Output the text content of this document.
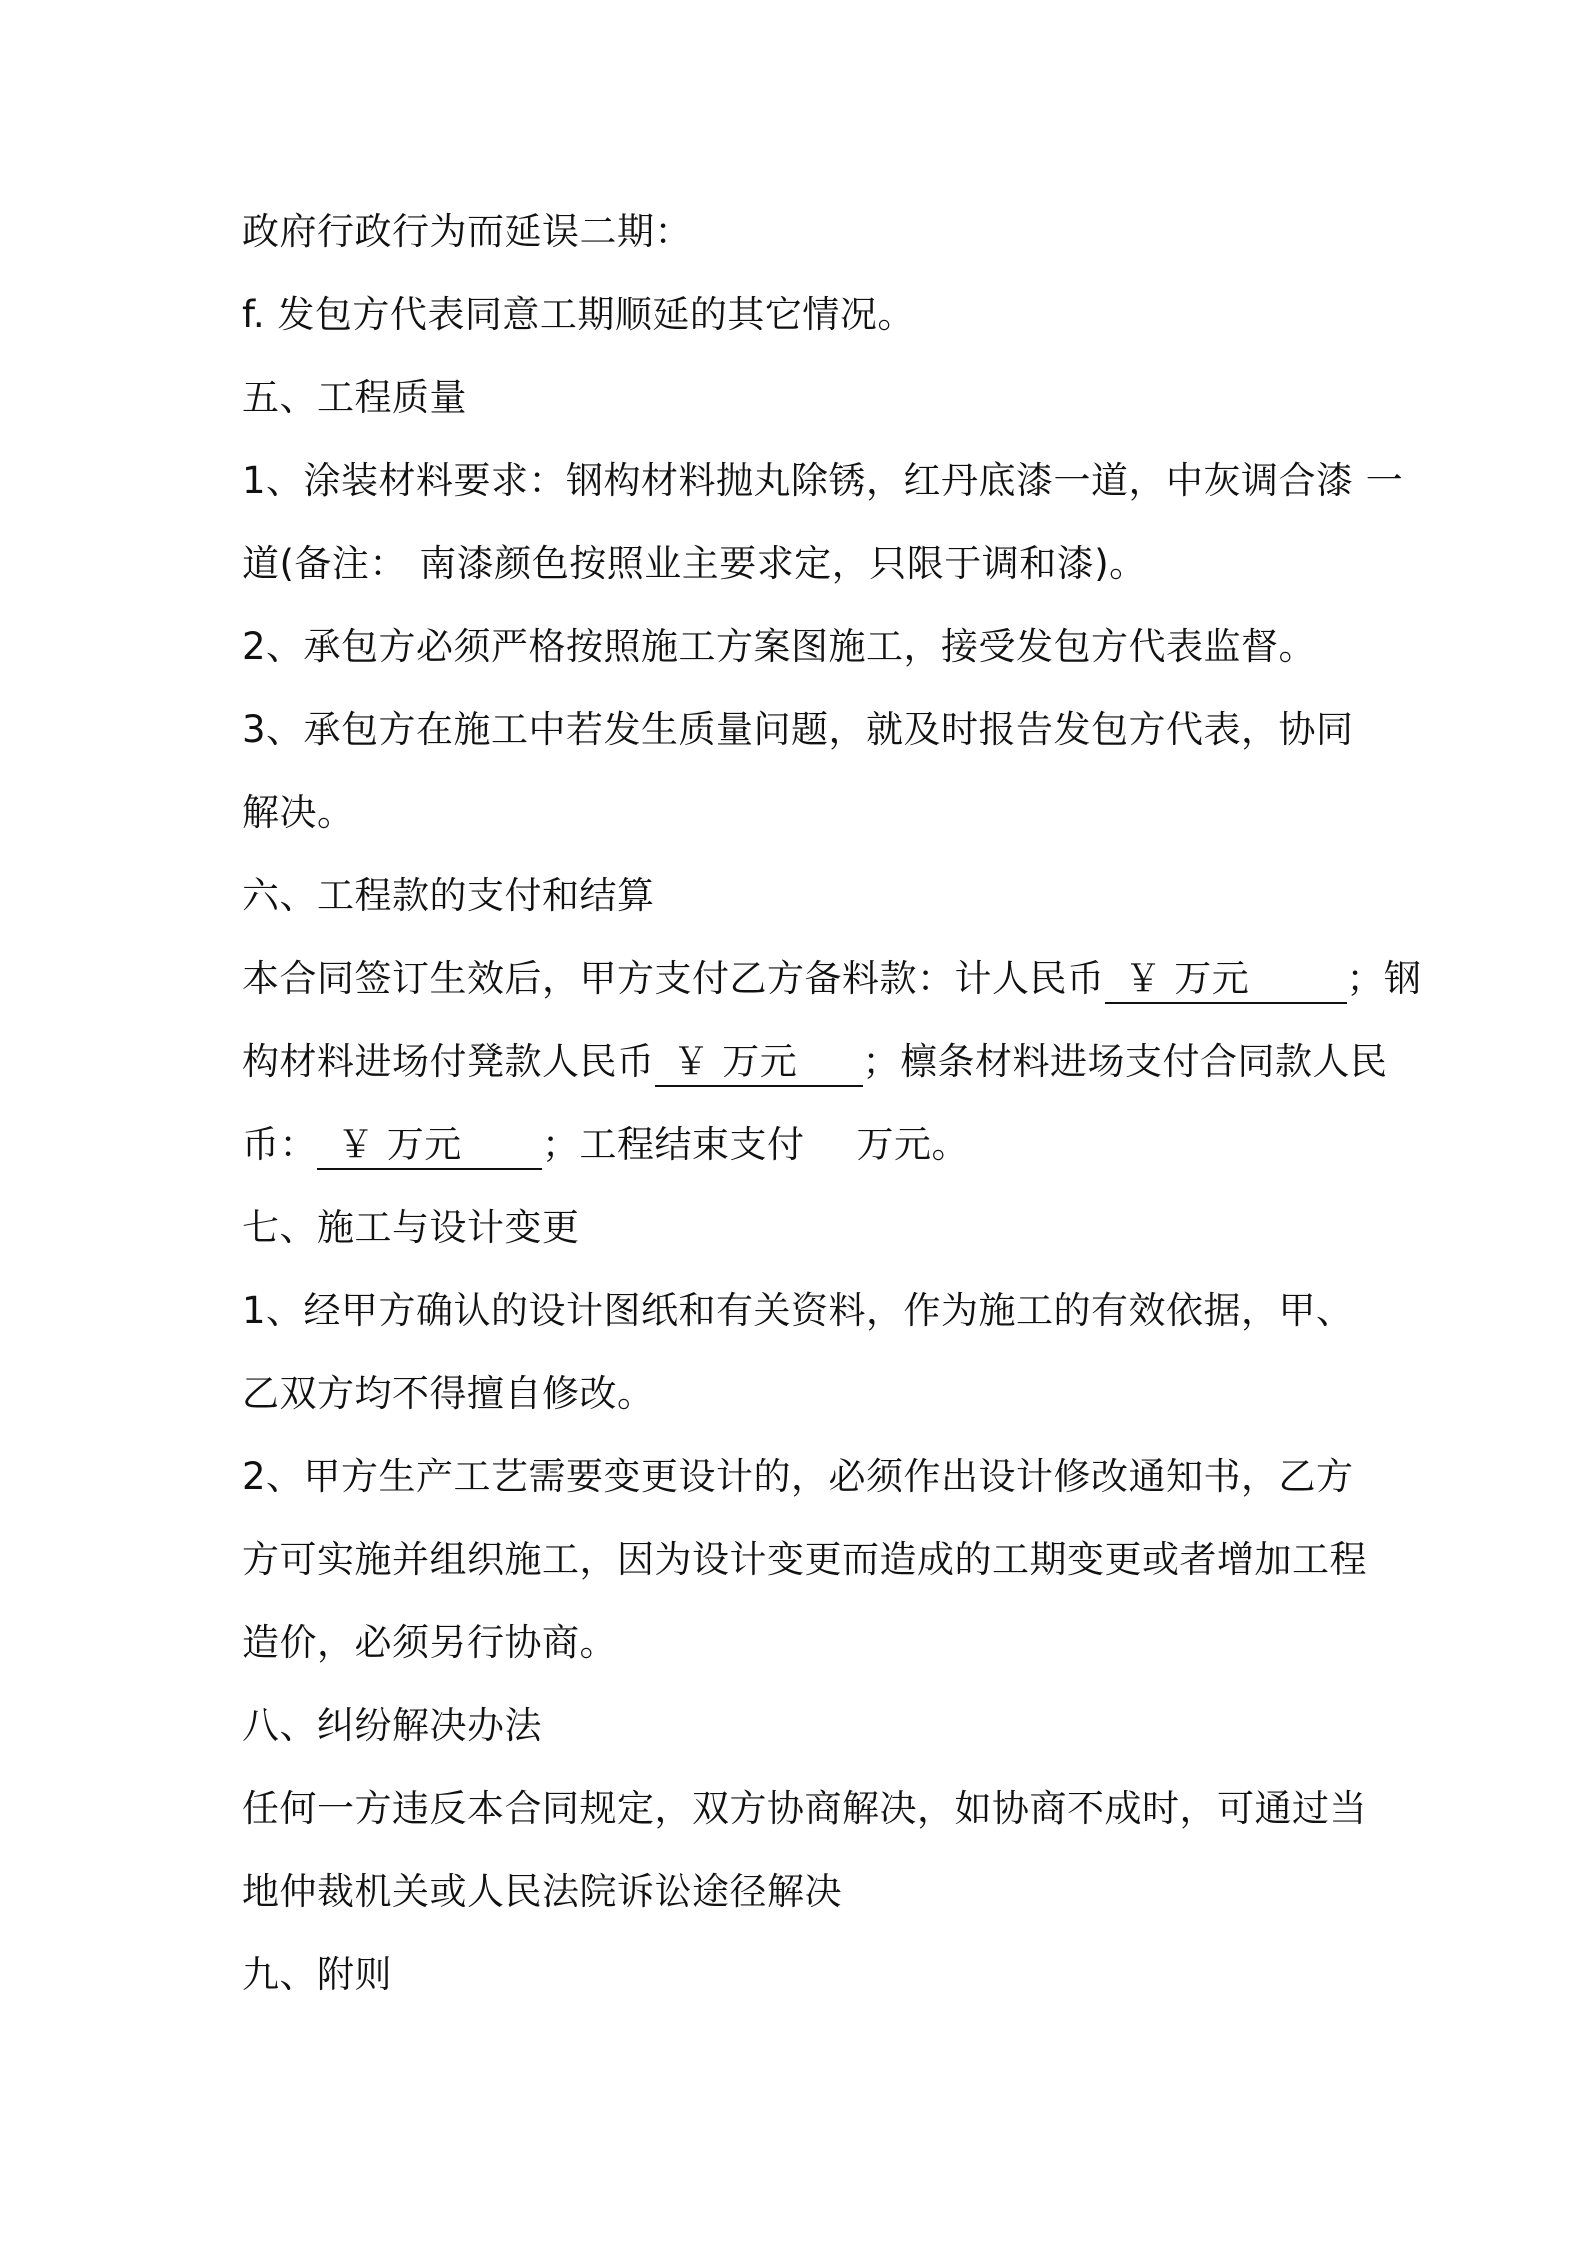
政府行政行为而延误二期：
f. 发包方代表同意工期顺延的其它情况。
五、工程质量
1、涂装材料要求：钢构材料抛丸除锈，红丹底漆一道，中灰调合漆 一
道(备注： 南漆颜色按照业主要求定，只限于调和漆)。
2、承包方必须严格按照施工方案图施工，接受发包方代表监督。
3、承包方在施工中若发生质量问题，就及时报告发包方代表，协同
解决。
六、工程款的支付和结算
本合同签订生效后，甲方支付乙方备料款：计人民币 ￥ 万元	；钢
构材料进场付凳款人民币 ￥ 万元 ；檩条材料进场支付合同款人民
币： ￥ 万元 ；工程结束支付 万元。
七、施工与设计变更
1、经甲方确认的设计图纸和有关资料，作为施工的有效依据，甲、
乙双方均不得擅自修改。
2、甲方生产工艺需要变更设计的，必须作出设计修改通知书，乙方
方可实施并组织施工，因为设计变更而造成的工期变更或者增加工程
造价，必须另行协商。
八、纠纷解决办法
任何一方违反本合同规定，双方协商解决，如协商不成时，可通过当
地仲裁机关或人民法院诉讼途径解决
九、附则
